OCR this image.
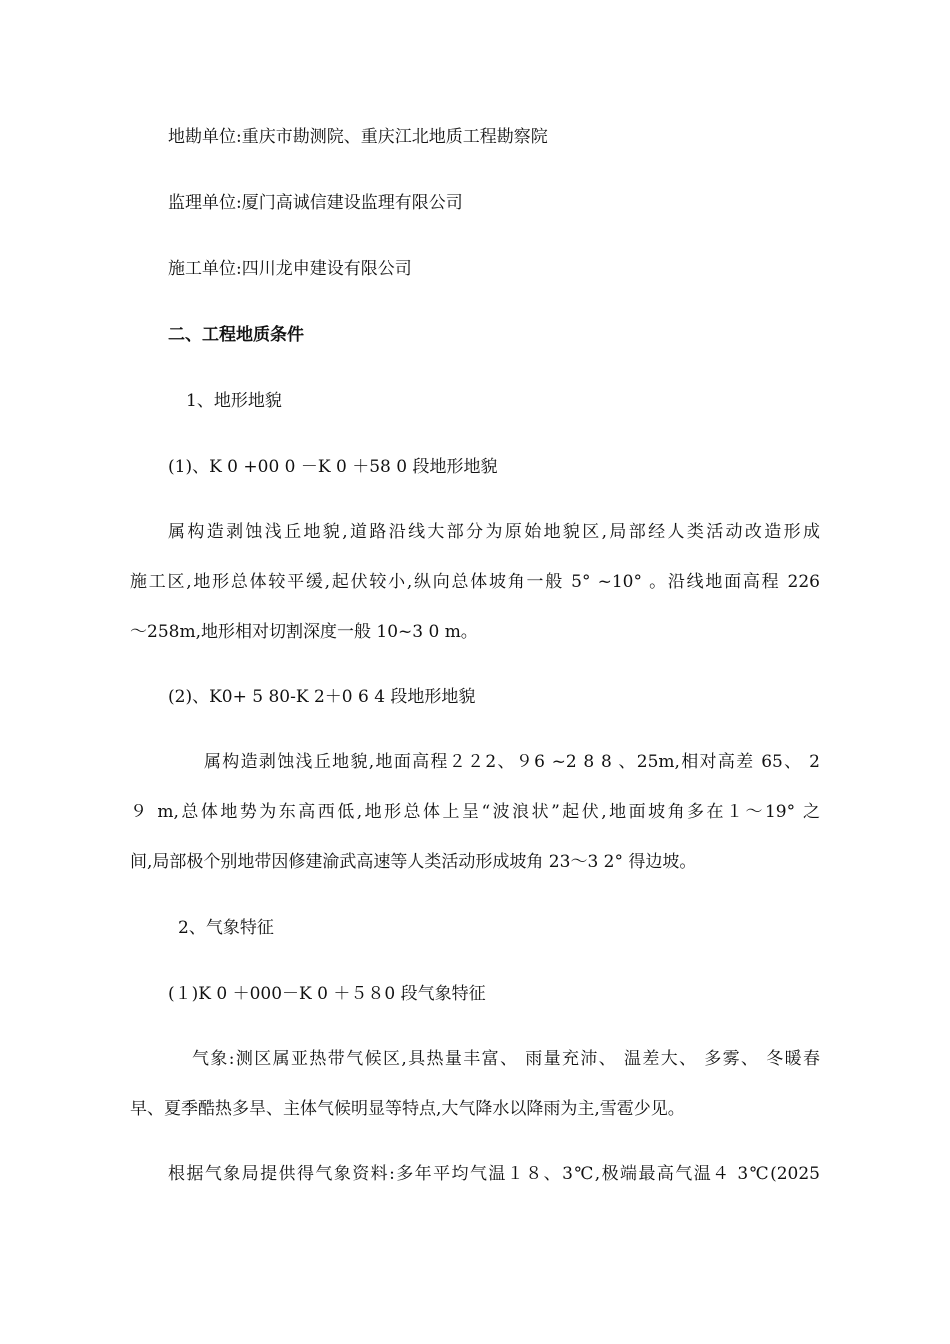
地勘单位:重庆市勘测院、重庆江北地质工程勘察院
监理单位:厦门高诚信建设监理有限公司
施工单位:四川龙申建设有限公司
二、工程地质条件
1、地形地貌
(1)、K 0 +00 0 －K 0 ＋58 0 段地形地貌
属构造剥蚀浅丘地貌,道路沿线大部分为原始地貌区,局部经人类活动改造形成
施工区,地形总体较平缓,起伏较小,纵向总体坡角一般 5° ~10° 。沿线地面高程 226
～258m,地形相对切割深度一般 10~3 0 m。
(2)、K0+ 5 80-K 2＋0 6 4 段地形地貌
属构造剥蚀浅丘地貌,地面高程２２2、９6 ~2 8 8 、25m,相对高差 65、 2
９ m,总体地势为东高西低,地形总体上呈“波浪状”起伏,地面坡角多在１～19° 之
间,局部极个别地带因修建渝武高速等人类活动形成坡角 23～3 2° 得边坡。
2、气象特征
(１)K 0 ＋000－K 0 ＋５８0 段气象特征
气象:测区属亚热带气候区,具热量丰富、 雨量充沛、 温差大、 多雾、 冬暖春
早、夏季酷热多旱、主体气候明显等特点,大气降水以降雨为主,雪雹少见。
根据气象局提供得气象资料:多年平均气温１８、3℃,极端最高气温４ 3℃(2025
